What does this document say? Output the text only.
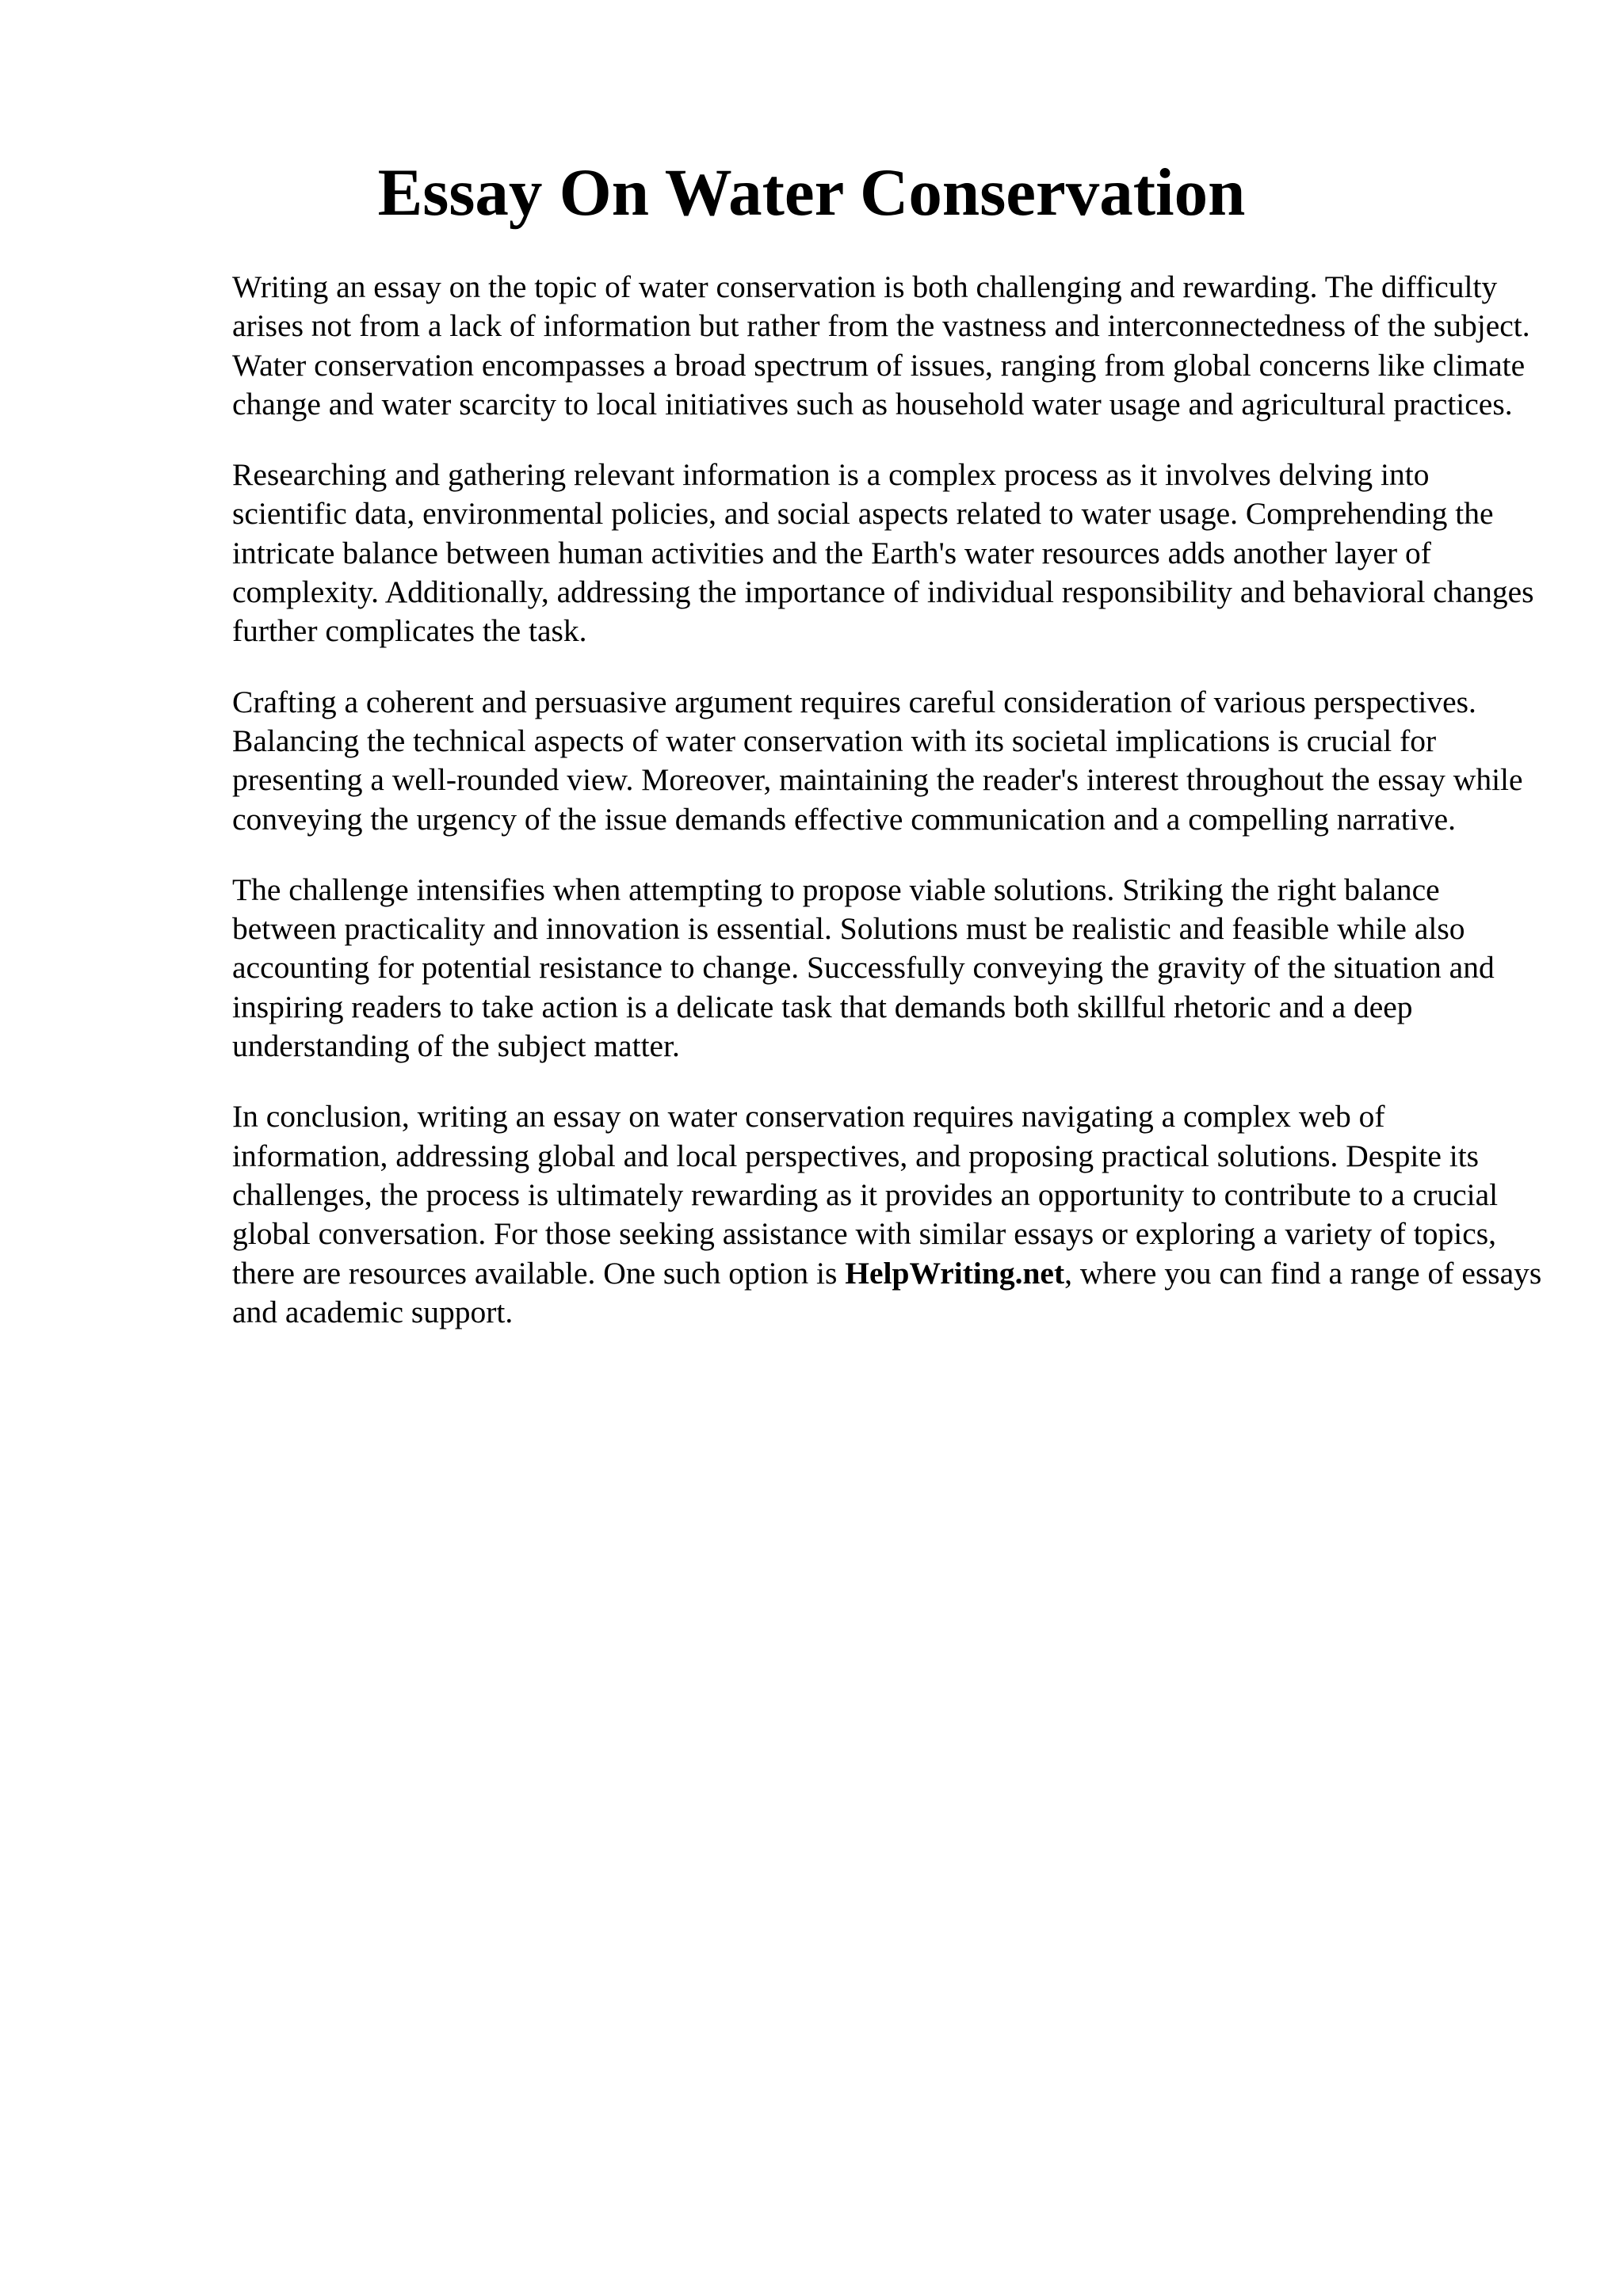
Essay On Water Conservation

Writing an essay on the topic of water conservation is both challenging and rewarding. The difficulty arises not from a lack of information but rather from the vastness and interconnectedness of the subject. Water conservation encompasses a broad spectrum of issues, ranging from global concerns like climate change and water scarcity to local initiatives such as household water usage and agricultural practices.

Researching and gathering relevant information is a complex process as it involves delving into scientific data, environmental policies, and social aspects related to water usage. Comprehending the intricate balance between human activities and the Earth's water resources adds another layer of complexity. Additionally, addressing the importance of individual responsibility and behavioral changes further complicates the task.

Crafting a coherent and persuasive argument requires careful consideration of various perspectives. Balancing the technical aspects of water conservation with its societal implications is crucial for presenting a well-rounded view. Moreover, maintaining the reader's interest throughout the essay while conveying the urgency of the issue demands effective communication and a compelling narrative.

The challenge intensifies when attempting to propose viable solutions. Striking the right balance between practicality and innovation is essential. Solutions must be realistic and feasible while also accounting for potential resistance to change. Successfully conveying the gravity of the situation and inspiring readers to take action is a delicate task that demands both skillful rhetoric and a deep understanding of the subject matter.

In conclusion, writing an essay on water conservation requires navigating a complex web of information, addressing global and local perspectives, and proposing practical solutions. Despite its challenges, the process is ultimately rewarding as it provides an opportunity to contribute to a crucial global conversation. For those seeking assistance with similar essays or exploring a variety of topics, there are resources available. One such option is HelpWriting.net, where you can find a range of essays and academic support.
